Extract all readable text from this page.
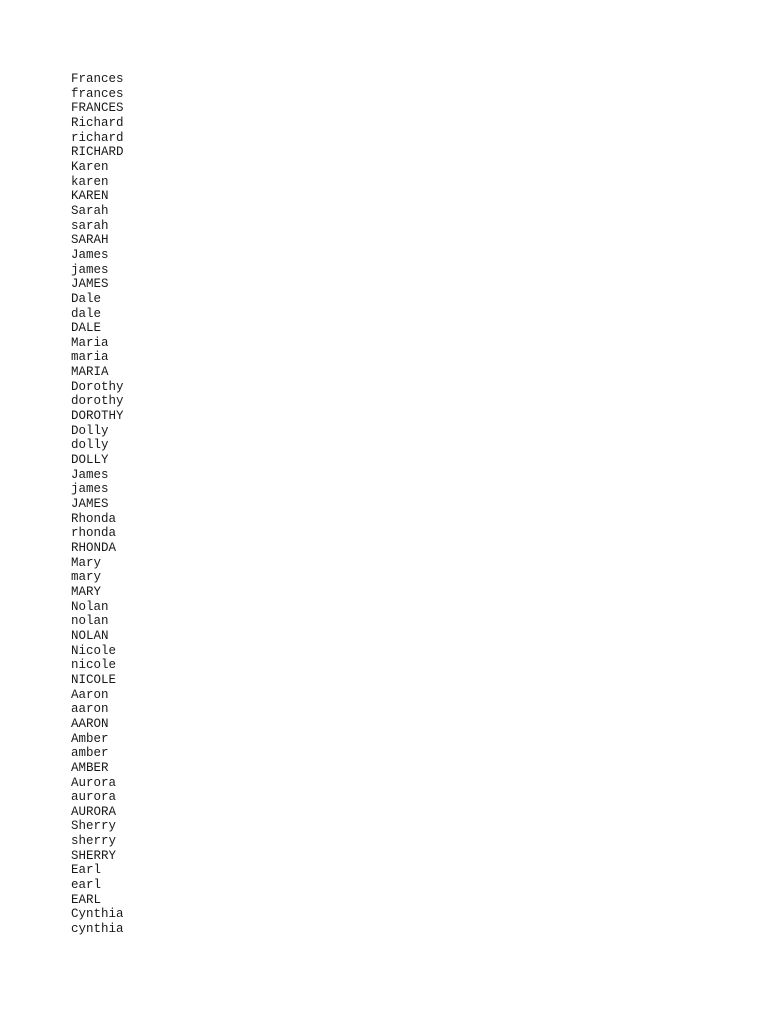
Frances
frances
FRANCES
Richard
richard
RICHARD
Karen
karen
KAREN
Sarah
sarah
SARAH
James
james
JAMES
Dale
dale
DALE
Maria
maria
MARIA
Dorothy
dorothy
DOROTHY
Dolly
dolly
DOLLY
James
james
JAMES
Rhonda
rhonda
RHONDA
Mary
mary
MARY
Nolan
nolan
NOLAN
Nicole
nicole
NICOLE
Aaron
aaron
AARON
Amber
amber
AMBER
Aurora
aurora
AURORA
Sherry
sherry
SHERRY
Earl
earl
EARL
Cynthia
cynthia
